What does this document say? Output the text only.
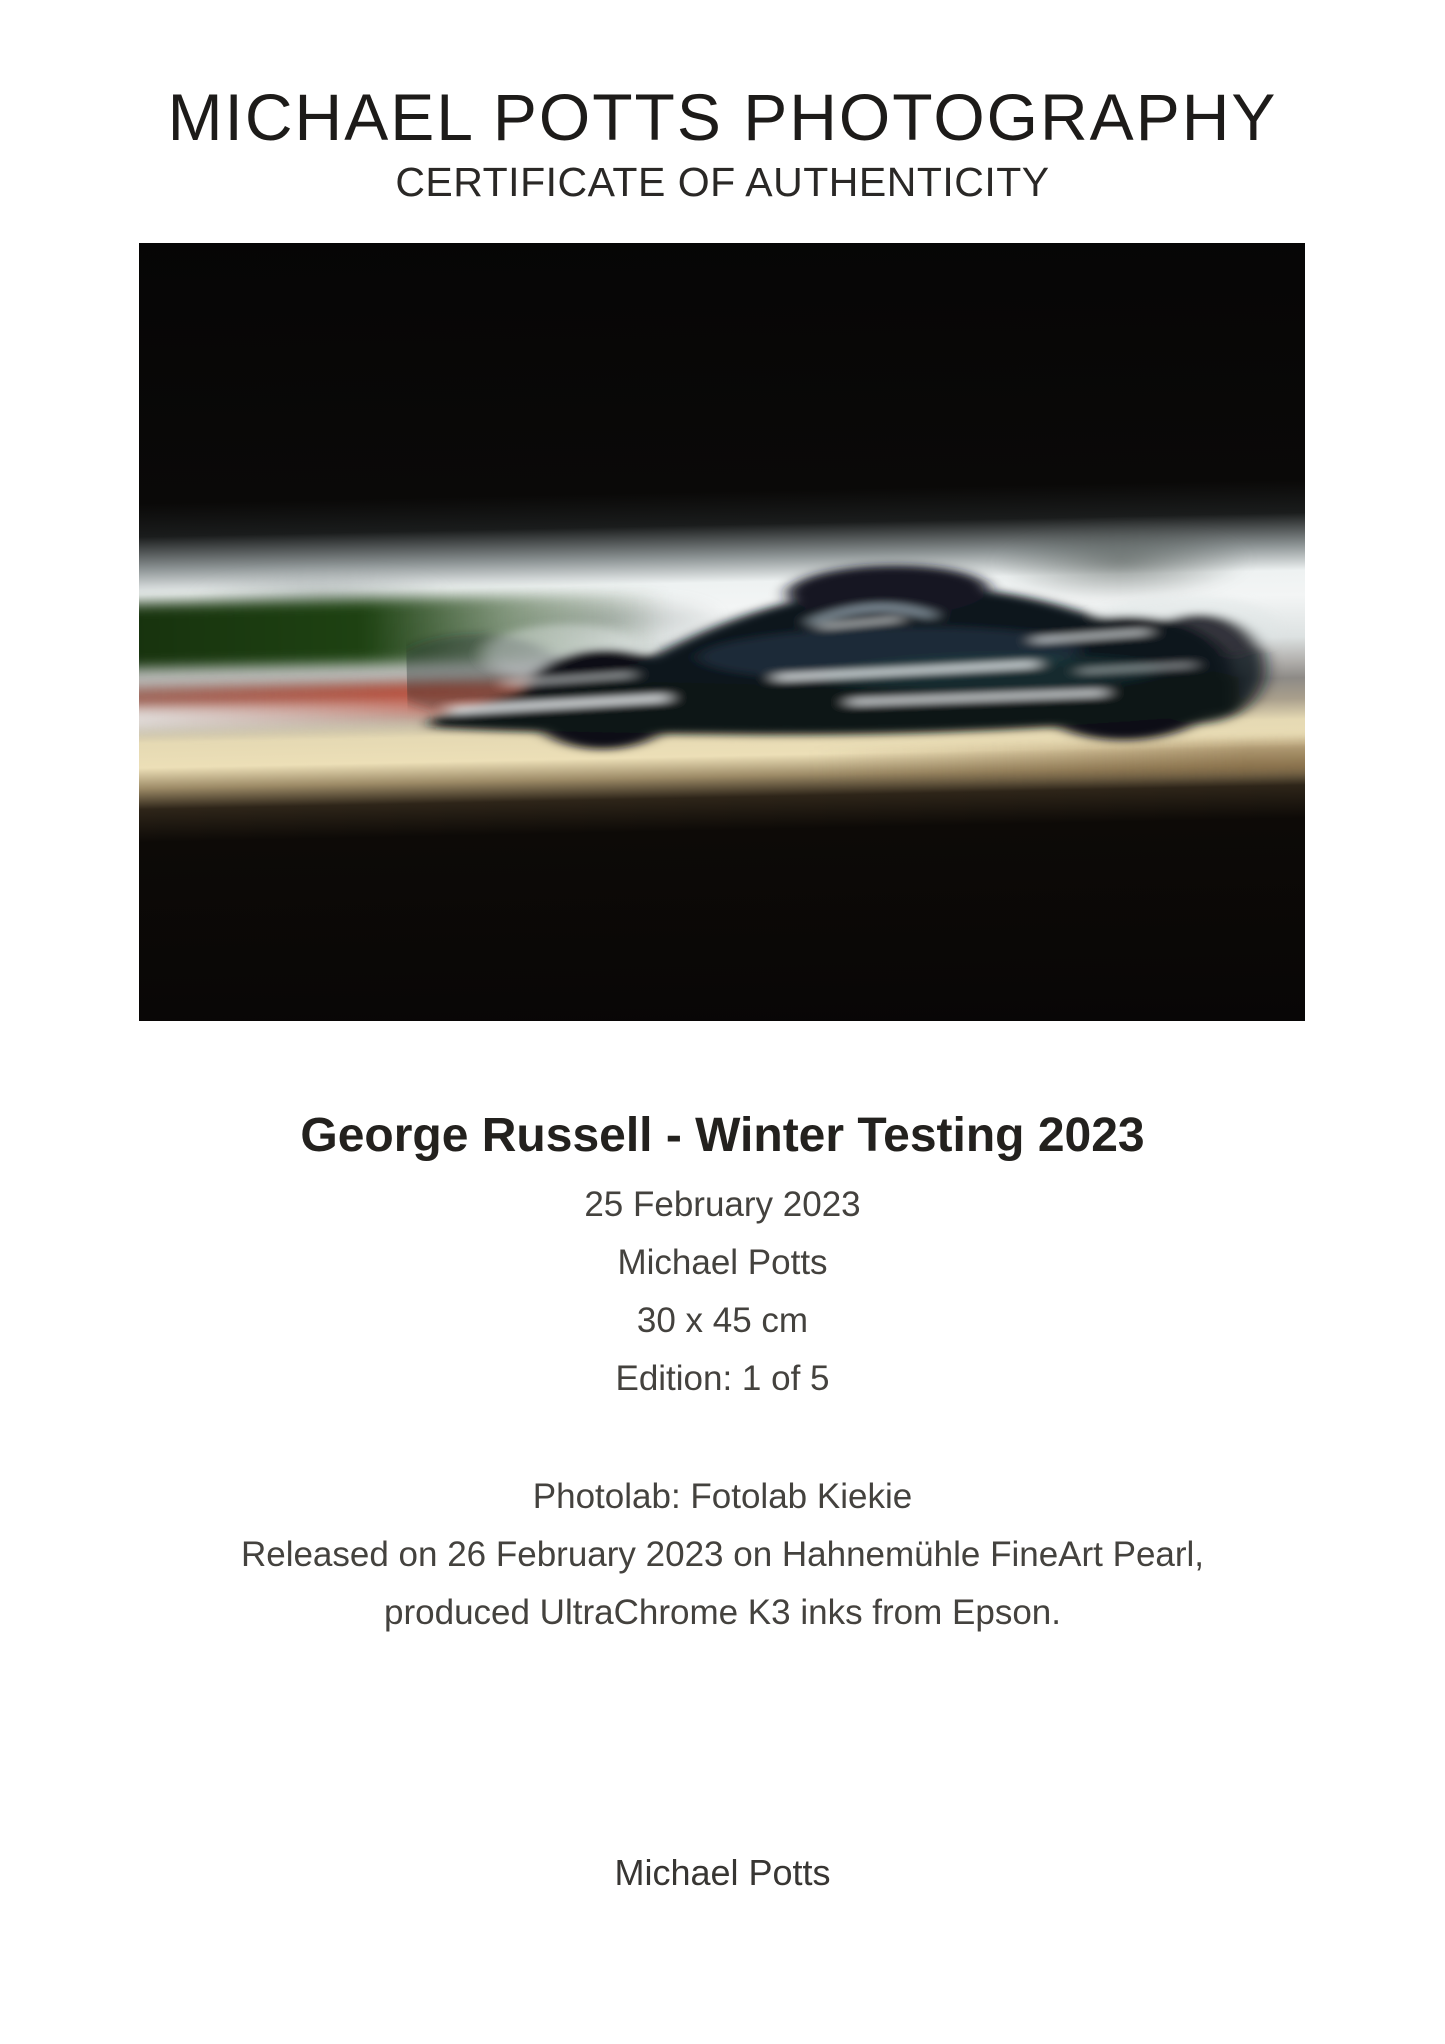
MICHAEL POTTS PHOTOGRAPHY
CERTIFICATE OF AUTHENTICITY
George Russell - Winter Testing 2023
25 February 2023
Michael Potts
30 x 45 cm
Edition: 1 of 5
Photolab: Fotolab Kiekie
Released on 26 February 2023 on Hahnemühle FineArt Pearl,
produced UltraChrome K3 inks from Epson.
Michael Potts
